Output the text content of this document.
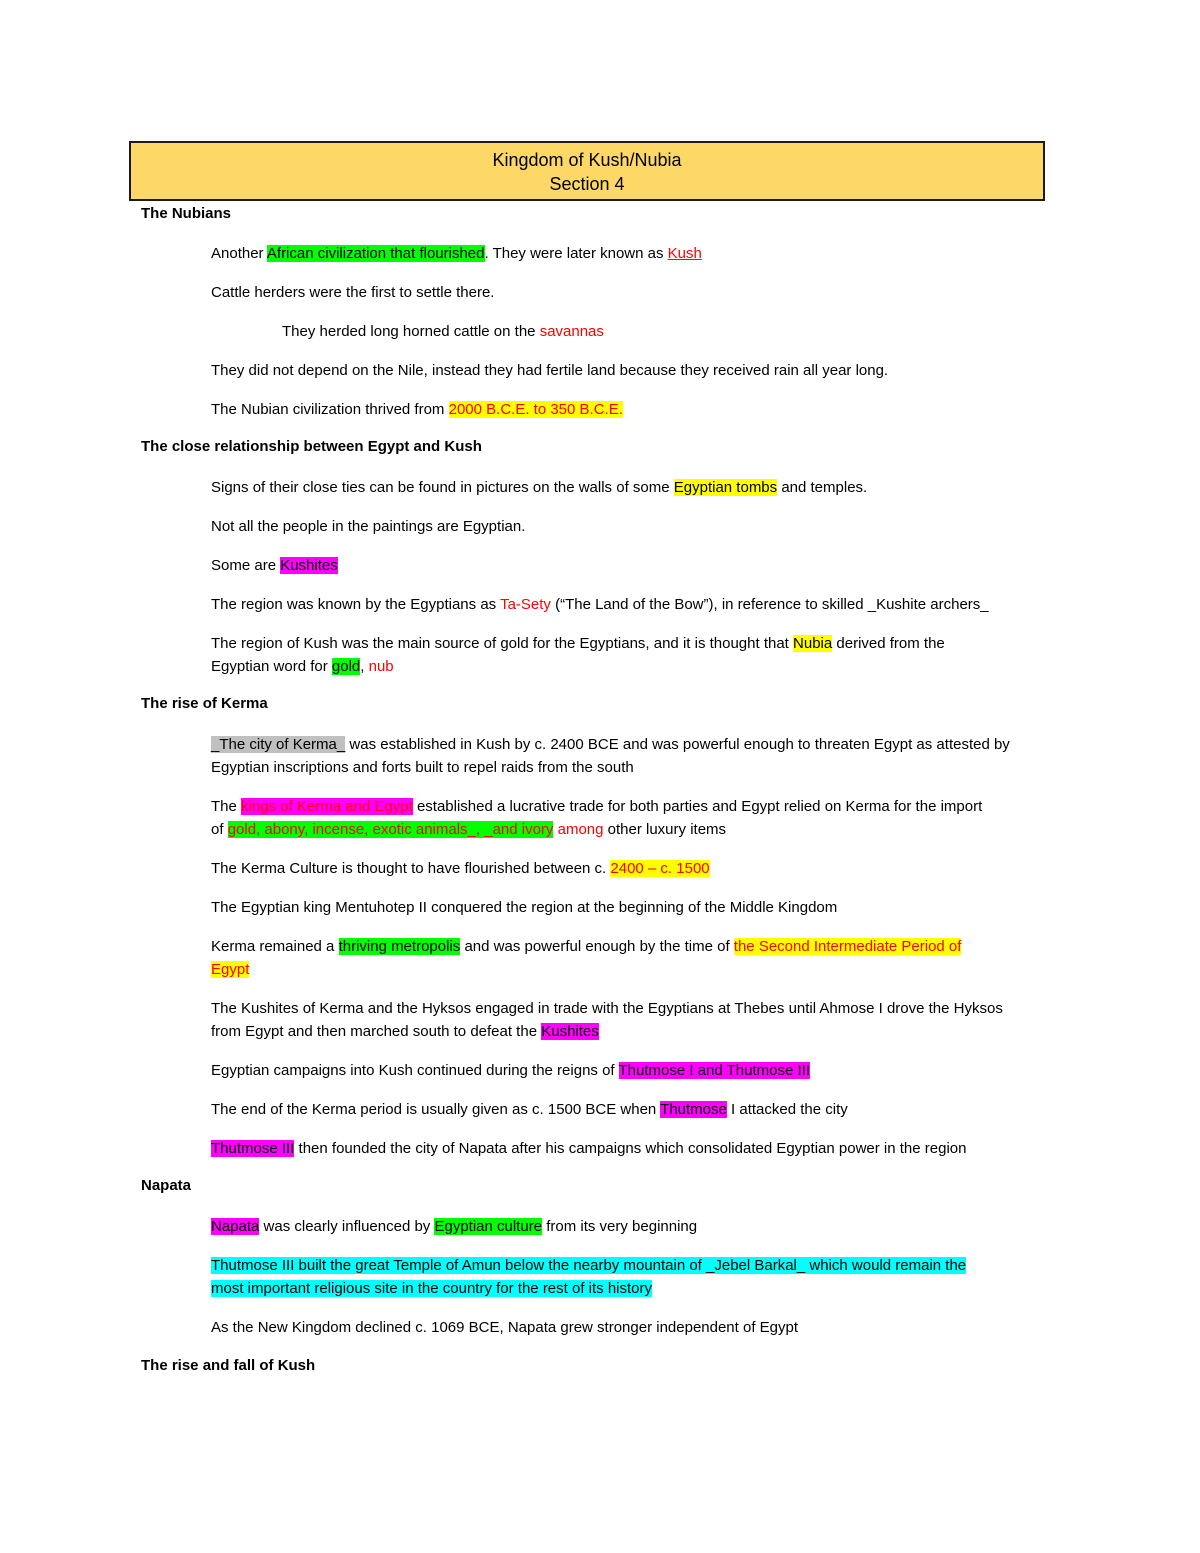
Kingdom of Kush/Nubia
Section 4
The Nubians
Another African civilization that flourished. They were later known as Kush
Cattle herders were the first to settle there.
They herded long horned cattle on the savannas
They did not depend on the Nile, instead they had fertile land because they received rain all year long.
The Nubian civilization thrived from 2000 B.C.E. to 350 B.C.E.
The close relationship between Egypt and Kush
Signs of their close ties can be found in pictures on the walls of some Egyptian tombs and temples.
Not all the people in the paintings are Egyptian.
Some are Kushites
The region was known by the Egyptians as Ta-Sety (“The Land of the Bow”), in reference to skilled _Kushite archers_
The region of Kush was the main source of gold for the Egyptians, and it is thought that Nubia derived from the
Egyptian word for gold, nub
The rise of Kerma
_The city of Kerma_ was established in Kush by c. 2400 BCE and was powerful enough to threaten Egypt as attested by
Egyptian inscriptions and forts built to repel raids from the south
The kings of Kerma and Egypt established a lucrative trade for both parties and Egypt relied on Kerma for the import
of gold, abony, incense, exotic animals_, _and ivory among other luxury items
The Kerma Culture is thought to have flourished between c. 2400 – c. 1500
The Egyptian king Mentuhotep II conquered the region at the beginning of the Middle Kingdom
Kerma remained a thriving metropolis and was powerful enough by the time of the Second Intermediate Period of
Egypt
The Kushites of Kerma and the Hyksos engaged in trade with the Egyptians at Thebes until Ahmose I drove the Hyksos
from Egypt and then marched south to defeat the Kushites
Egyptian campaigns into Kush continued during the reigns of Thutmose I and Thutmose III
The end of the Kerma period is usually given as c. 1500 BCE when Thutmose I attacked the city
Thutmose III then founded the city of Napata after his campaigns which consolidated Egyptian power in the region
Napata
Napata was clearly influenced by Egyptian culture from its very beginning
Thutmose III built the great Temple of Amun below the nearby mountain of _Jebel Barkal_ which would remain the
most important religious site in the country for the rest of its history
As the New Kingdom declined c. 1069 BCE, Napata grew stronger independent of Egypt
The rise and fall of Kush
